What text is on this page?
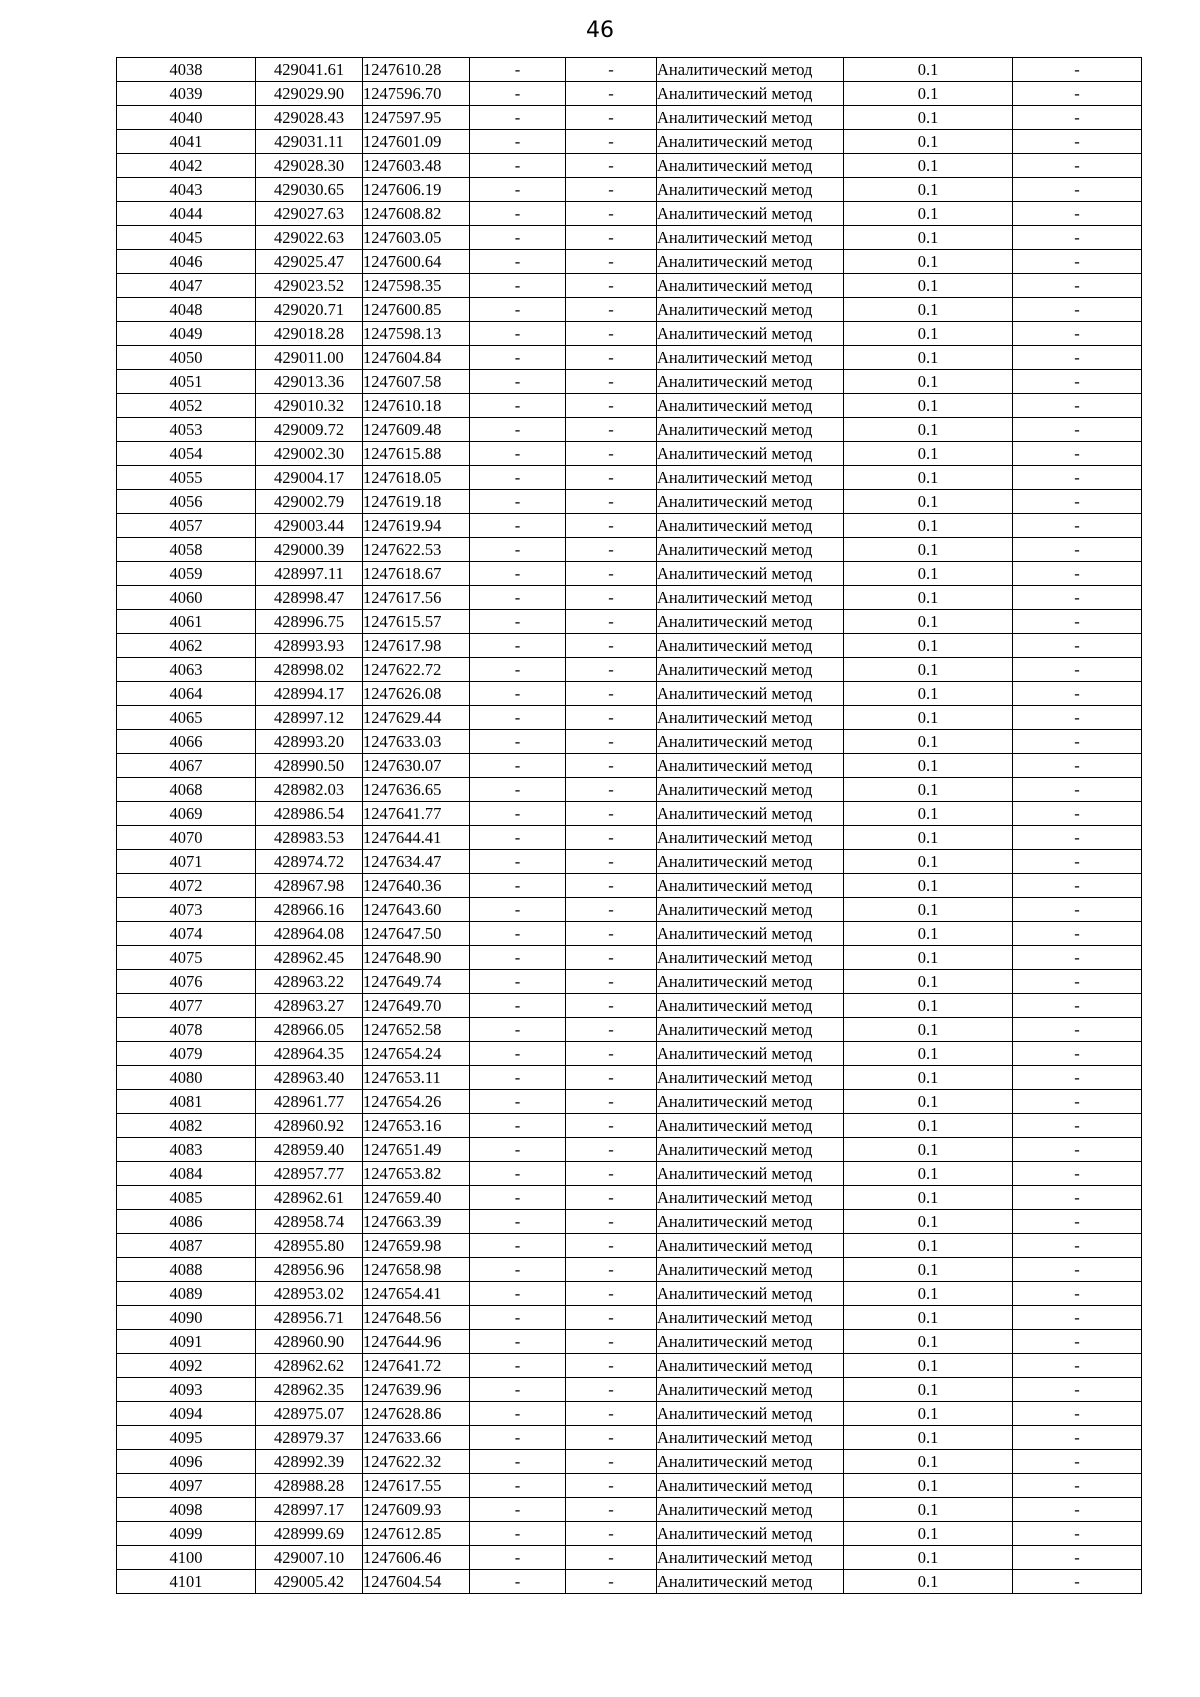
46
4038	429041.61	1247610.28	-	-	Аналитический метод	0.1	-
4039	429029.90	1247596.70	-	-	Аналитический метод	0.1	-
4040	429028.43	1247597.95	-	-	Аналитический метод	0.1	-
4041	429031.11	1247601.09	-	-	Аналитический метод	0.1	-
4042	429028.30	1247603.48	-	-	Аналитический метод	0.1	-
4043	429030.65	1247606.19	-	-	Аналитический метод	0.1	-
4044	429027.63	1247608.82	-	-	Аналитический метод	0.1	-
4045	429022.63	1247603.05	-	-	Аналитический метод	0.1	-
4046	429025.47	1247600.64	-	-	Аналитический метод	0.1	-
4047	429023.52	1247598.35	-	-	Аналитический метод	0.1	-
4048	429020.71	1247600.85	-	-	Аналитический метод	0.1	-
4049	429018.28	1247598.13	-	-	Аналитический метод	0.1	-
4050	429011.00	1247604.84	-	-	Аналитический метод	0.1	-
4051	429013.36	1247607.58	-	-	Аналитический метод	0.1	-
4052	429010.32	1247610.18	-	-	Аналитический метод	0.1	-
4053	429009.72	1247609.48	-	-	Аналитический метод	0.1	-
4054	429002.30	1247615.88	-	-	Аналитический метод	0.1	-
4055	429004.17	1247618.05	-	-	Аналитический метод	0.1	-
4056	429002.79	1247619.18	-	-	Аналитический метод	0.1	-
4057	429003.44	1247619.94	-	-	Аналитический метод	0.1	-
4058	429000.39	1247622.53	-	-	Аналитический метод	0.1	-
4059	428997.11	1247618.67	-	-	Аналитический метод	0.1	-
4060	428998.47	1247617.56	-	-	Аналитический метод	0.1	-
4061	428996.75	1247615.57	-	-	Аналитический метод	0.1	-
4062	428993.93	1247617.98	-	-	Аналитический метод	0.1	-
4063	428998.02	1247622.72	-	-	Аналитический метод	0.1	-
4064	428994.17	1247626.08	-	-	Аналитический метод	0.1	-
4065	428997.12	1247629.44	-	-	Аналитический метод	0.1	-
4066	428993.20	1247633.03	-	-	Аналитический метод	0.1	-
4067	428990.50	1247630.07	-	-	Аналитический метод	0.1	-
4068	428982.03	1247636.65	-	-	Аналитический метод	0.1	-
4069	428986.54	1247641.77	-	-	Аналитический метод	0.1	-
4070	428983.53	1247644.41	-	-	Аналитический метод	0.1	-
4071	428974.72	1247634.47	-	-	Аналитический метод	0.1	-
4072	428967.98	1247640.36	-	-	Аналитический метод	0.1	-
4073	428966.16	1247643.60	-	-	Аналитический метод	0.1	-
4074	428964.08	1247647.50	-	-	Аналитический метод	0.1	-
4075	428962.45	1247648.90	-	-	Аналитический метод	0.1	-
4076	428963.22	1247649.74	-	-	Аналитический метод	0.1	-
4077	428963.27	1247649.70	-	-	Аналитический метод	0.1	-
4078	428966.05	1247652.58	-	-	Аналитический метод	0.1	-
4079	428964.35	1247654.24	-	-	Аналитический метод	0.1	-
4080	428963.40	1247653.11	-	-	Аналитический метод	0.1	-
4081	428961.77	1247654.26	-	-	Аналитический метод	0.1	-
4082	428960.92	1247653.16	-	-	Аналитический метод	0.1	-
4083	428959.40	1247651.49	-	-	Аналитический метод	0.1	-
4084	428957.77	1247653.82	-	-	Аналитический метод	0.1	-
4085	428962.61	1247659.40	-	-	Аналитический метод	0.1	-
4086	428958.74	1247663.39	-	-	Аналитический метод	0.1	-
4087	428955.80	1247659.98	-	-	Аналитический метод	0.1	-
4088	428956.96	1247658.98	-	-	Аналитический метод	0.1	-
4089	428953.02	1247654.41	-	-	Аналитический метод	0.1	-
4090	428956.71	1247648.56	-	-	Аналитический метод	0.1	-
4091	428960.90	1247644.96	-	-	Аналитический метод	0.1	-
4092	428962.62	1247641.72	-	-	Аналитический метод	0.1	-
4093	428962.35	1247639.96	-	-	Аналитический метод	0.1	-
4094	428975.07	1247628.86	-	-	Аналитический метод	0.1	-
4095	428979.37	1247633.66	-	-	Аналитический метод	0.1	-
4096	428992.39	1247622.32	-	-	Аналитический метод	0.1	-
4097	428988.28	1247617.55	-	-	Аналитический метод	0.1	-
4098	428997.17	1247609.93	-	-	Аналитический метод	0.1	-
4099	428999.69	1247612.85	-	-	Аналитический метод	0.1	-
4100	429007.10	1247606.46	-	-	Аналитический метод	0.1	-
4101	429005.42	1247604.54	-	-	Аналитический метод	0.1	-
